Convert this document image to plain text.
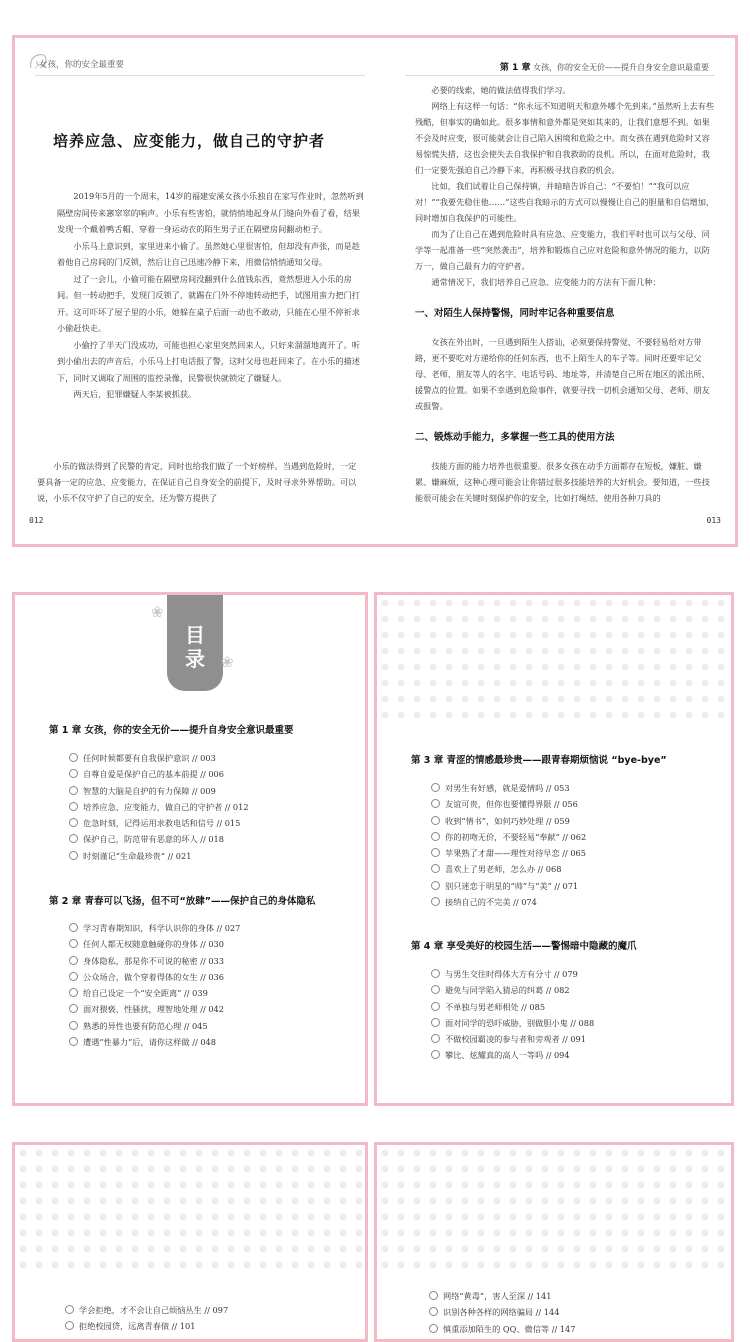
女孩，你的安全最重要	第 1 章 女孩，你的安全无价——提升自身安全意识最重要
培养应急、应变能力，做自己的守护者

2019年5月的一个周末，14岁的福建安溪女孩小乐独自在家写作业时，忽然听到隔壁房间传来窸窣窣的响声。小乐有些害怕，就悄悄地起身从门缝向外看了看，结果发现一个戴着鸭舌帽、穿着一身运动衣的陌生男子正在隔壁房间翻动柜子。

小乐马上意识到，家里进来小偷了。虽然她心里很害怕，但却没有声张，而是趁着他自己房间的门反锁，然后让自己迅速冷静下来，用微信悄悄通知父母。

过了一会儿，小偷可能在隔壁房间没翻到什么值钱东西，竟然想进入小乐的房间。但一转动把手，发现门反锁了，就踢在门外不停地转动把手，试图用蛮力把门打开。这可吓坏了屋子里的小乐，她躲在桌子后面一动也不敢动，只能在心里不停祈求小偷赶快走。

小偷拧了半天门没成功，可能也担心家里突然回来人，只好来溜溜地离开了。听到小偷出去的声音后，小乐马上打电话报了警，这时父母也赶回来了。在小乐的描述下，同时又调取了周围的监控录像，民警很快就锁定了嫌疑人。

两天后，犯罪嫌疑人李某被抓获。

小乐的做法得到了民警的肯定，同时也给我们做了一个好榜样。当遇到危险时，一定要具备一定的应急、应变能力，在保证自己自身安全的前提下，及时寻求外界帮助。可以说，小乐不仅守护了自己的安全，还为警方提供了

012

必要的线索，她的做法值得我们学习。

网络上有这样一句话：“你永远不知道明天和意外哪个先到来。”虽然听上去有些残酷，但事实的确如此。很多事情和意外都是突如其来的，让我们意想不到。如果不会及时应变，很可能就会让自己陷入困境和危险之中。而女孩在遇到危险时又容易惊慌失措，这也会使失去自我保护和自我救助的良机。所以，在面对危险时，我们一定要先强迫自己冷静下来，再积极寻找自救的机会。

比如，我们试着让自己保持镇，并暗暗告诉自己：“不要怕！”“我可以应对！”“我要先稳住他……”这些自我暗示的方式可以慢慢让自己的胆量和自信增加，同时增加自我保护的可能性。

而为了让自己在遇到危险时具有应急、应变能力，我们平时也可以与父母、同学等一起准备一些“突然袭击”，培养和锻炼自己应对危险和意外情况的能力，以防万一，做自己最有力的守护者。

通常情况下，我们培养自己应急、应变能力的方法有下面几种：

一、对陌生人保持警惕，同时牢记各种重要信息

女孩在外出时，一旦遇到陌生人搭讪，必须要保持警觉，不要轻易给对方带路，更不要吃对方递给你的任何东西，也不上陌生人的车子等。同时还要牢记父母、老师、朋友等人的名字、电话号码、地址等，并清楚自己所在地区的派出所、援警点的位置。如果不幸遇到危险事件，就要寻找一切机会通知父母、老师、朋友或报警。

二、锻炼动手能力，多掌握一些工具的使用方法

技能方面的能力培养也很重要。很多女孩在动手方面都存在短板，嫌脏、嫌累、嫌麻烦，这种心理可能会让你错过很多技能培养的大好机会。要知道，一些技能很可能会在关键时刻保护你的安全，比如打绳结、使用各种刀具的

013
❀
目
录	❀
第 1 章 女孩，你的安全无价——提升自身安全意识最重要
任何时候都要有自我保护意识 // 003
自尊自爱是保护自己的基本前提 // 006
智慧的大脑是自护的有力保障 // 009
培养应急、应变能力，做自己的守护者 // 012
危急时刻，记得运用求救电话和信号 // 015
保护自己，防范带有恶意的坏人 // 018
时刻谨记“生命最珍贵” // 021
第 2 章 青春可以飞扬，但不可“放肆”——保护自己的身体隐私
学习青春期知识，科学认识你的身体 // 027
任何人都无权随意触碰你的身体 // 030
身体隐私，那是你不可说的秘密 // 033
公众场合，做个穿着得体的女生 // 036
给自己设定一个“安全距离” // 039
面对猥亵、性骚扰，理智地处理 // 042
熟悉的异性也要有防范心理 // 045
遭遇“性暴力”后，请你这样做 // 048
第 3 章 青涩的情感最珍贵——跟青春期烦恼说 “bye-bye”
对男生有好感，就是爱情吗 // 053
友谊可贵，但你也要懂得界限 // 056
收到“情书”，如何巧妙处理 // 059
你的初吻无价，不要轻易“奉献” // 062
苹果熟了才甜——理性对待早恋 // 065
喜欢上了男老师，怎么办 // 068
别只迷恋于明星的“帅”与“美” // 071
接纳自己的不完美 // 074
第 4 章 享受美好的校园生活——警惕暗中隐藏的魔爪
与男生交往时得体大方有分寸 // 079
避免与同学陷入猜忌的纠葛 // 082
不单独与男老师相处 // 085
面对同学的恐吓威胁，别做胆小鬼 // 088
不做校园霸凌的参与者和旁观者 // 091
攀比、炫耀真的高人一等吗 // 094
学会拒绝，才不会让自己烦恼丛生 // 097
拒绝校园贷，远离青春债 // 101
网络“黄毒”，害人至深 // 141
识别各种各样的网络骗局 // 144
慎重添加陌生的 QQ、微信等 // 147
